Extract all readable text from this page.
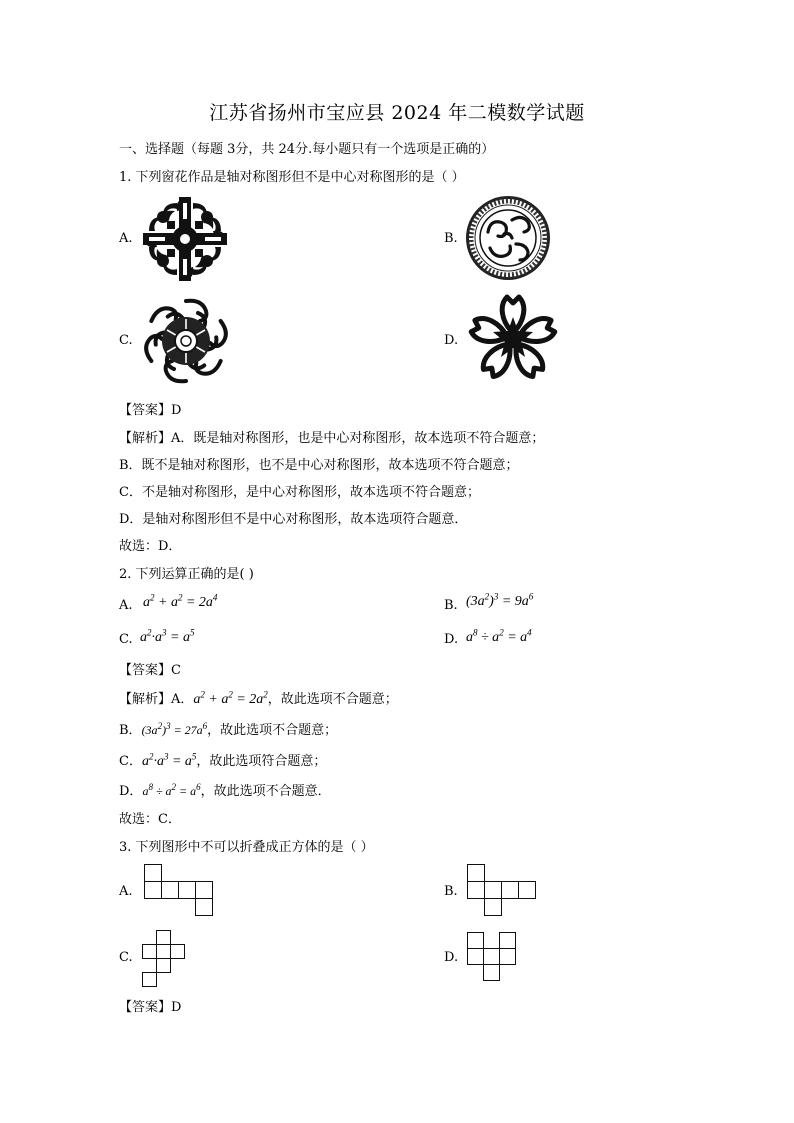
江苏省扬州市宝应县 2024 年二模数学试题
一、选择题（每题 3分，共 24分.每小题只有一个选项是正确的）
1. 下列窗花作品是轴对称图形但不是中心对称图形的是（ ）
A.	B.
C.	D.
【答案】D
【解析】A．既是轴对称图形，也是中心对称图形，故本选项不符合题意；
B．既不是轴对称图形，也不是中心对称图形，故本选项不符合题意；
C．不是轴对称图形，是中心对称图形，故本选项不符合题意；
D．是轴对称图形但不是中心对称图形，故本选项符合题意．
故选：D．
2. 下列运算正确的是( )
A. $a^2 + a^2 = 2a^4$
B. $(3a^2)^3 = 9a^6$
C. $a^2\cdot a^3 = a^5$	D. $a^8 \div a^2 = a^4$
【答案】C
【解析】A．$a^2 + a^2 = 2a^2$，故此选项不合题意；
B．$(3a^2)^3 = 27a^6$，故此选项不合题意；
C．$a^2\cdot a^3 = a^5$，故此选项符合题意；
D．$a^8 \div a^2 = a^6$，故此选项不合题意．
故选：C．
3. 下列图形中不可以折叠成正方体的是（ ）
A.	B.
C.	D.
【答案】D
